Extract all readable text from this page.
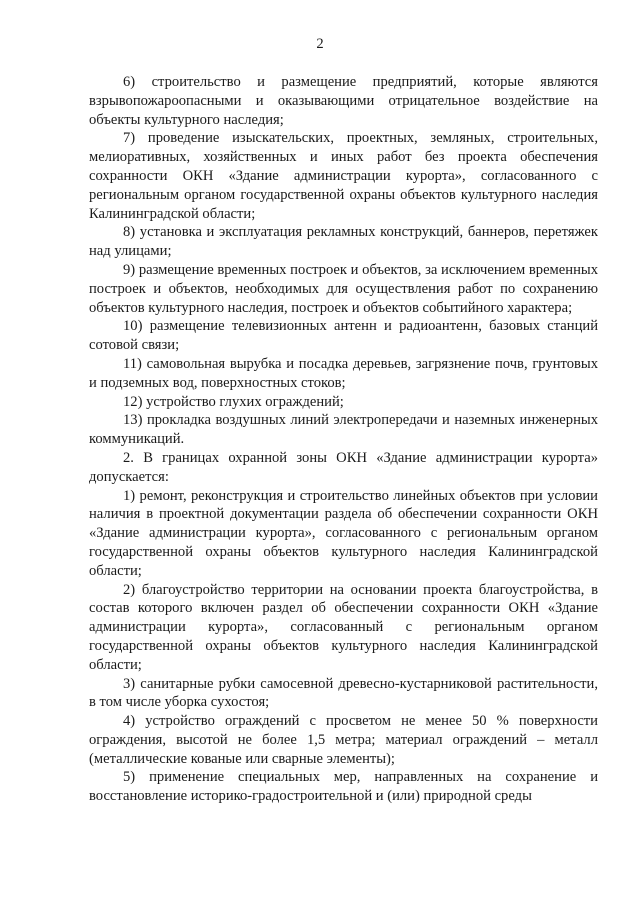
2

6) строительство и размещение предприятий, которые являются взрывопожароопасными и оказывающими отрицательное воздействие на объекты культурного наследия;

7) проведение изыскательских, проектных, земляных, строительных, мелиоративных, хозяйственных и иных работ без проекта обеспечения сохранности ОКН «Здание администрации курорта», согласованного с региональным органом государственной охраны объектов культурного наследия Калининградской области;

8) установка и эксплуатация рекламных конструкций, баннеров, перетяжек над улицами;

9) размещение временных построек и объектов, за исключением временных построек и объектов, необходимых для осуществления работ по сохранению объектов культурного наследия, построек и объектов событийного характера;

10) размещение телевизионных антенн и радиоантенн, базовых станций сотовой связи;

11) самовольная вырубка и посадка деревьев, загрязнение почв, грунтовых и подземных вод, поверхностных стоков;

12) устройство глухих ограждений;

13) прокладка воздушных линий электропередачи и наземных инженерных коммуникаций.

2. В границах охранной зоны ОКН «Здание администрации курорта» допускается:

1) ремонт, реконструкция и строительство линейных объектов при условии наличия в проектной документации раздела об обеспечении сохранности ОКН «Здание администрации курорта», согласованного с региональным органом государственной охраны объектов культурного наследия Калининградской области;

2) благоустройство территории на основании проекта благоустройства, в состав которого включен раздел об обеспечении сохранности ОКН «Здание администрации курорта», согласованный с региональным органом государственной охраны объектов культурного наследия Калининградской области;

3) санитарные рубки самосевной древесно-кустарниковой растительности, в том числе уборка сухостоя;

4) устройство ограждений с просветом не менее 50 % поверхности ограждения, высотой не более 1,5 метра; материал ограждений – металл (металлические кованые или сварные элементы);

5) применение специальных мер, направленных на сохранение и восстановление историко-градостроительной и (или) природной среды
